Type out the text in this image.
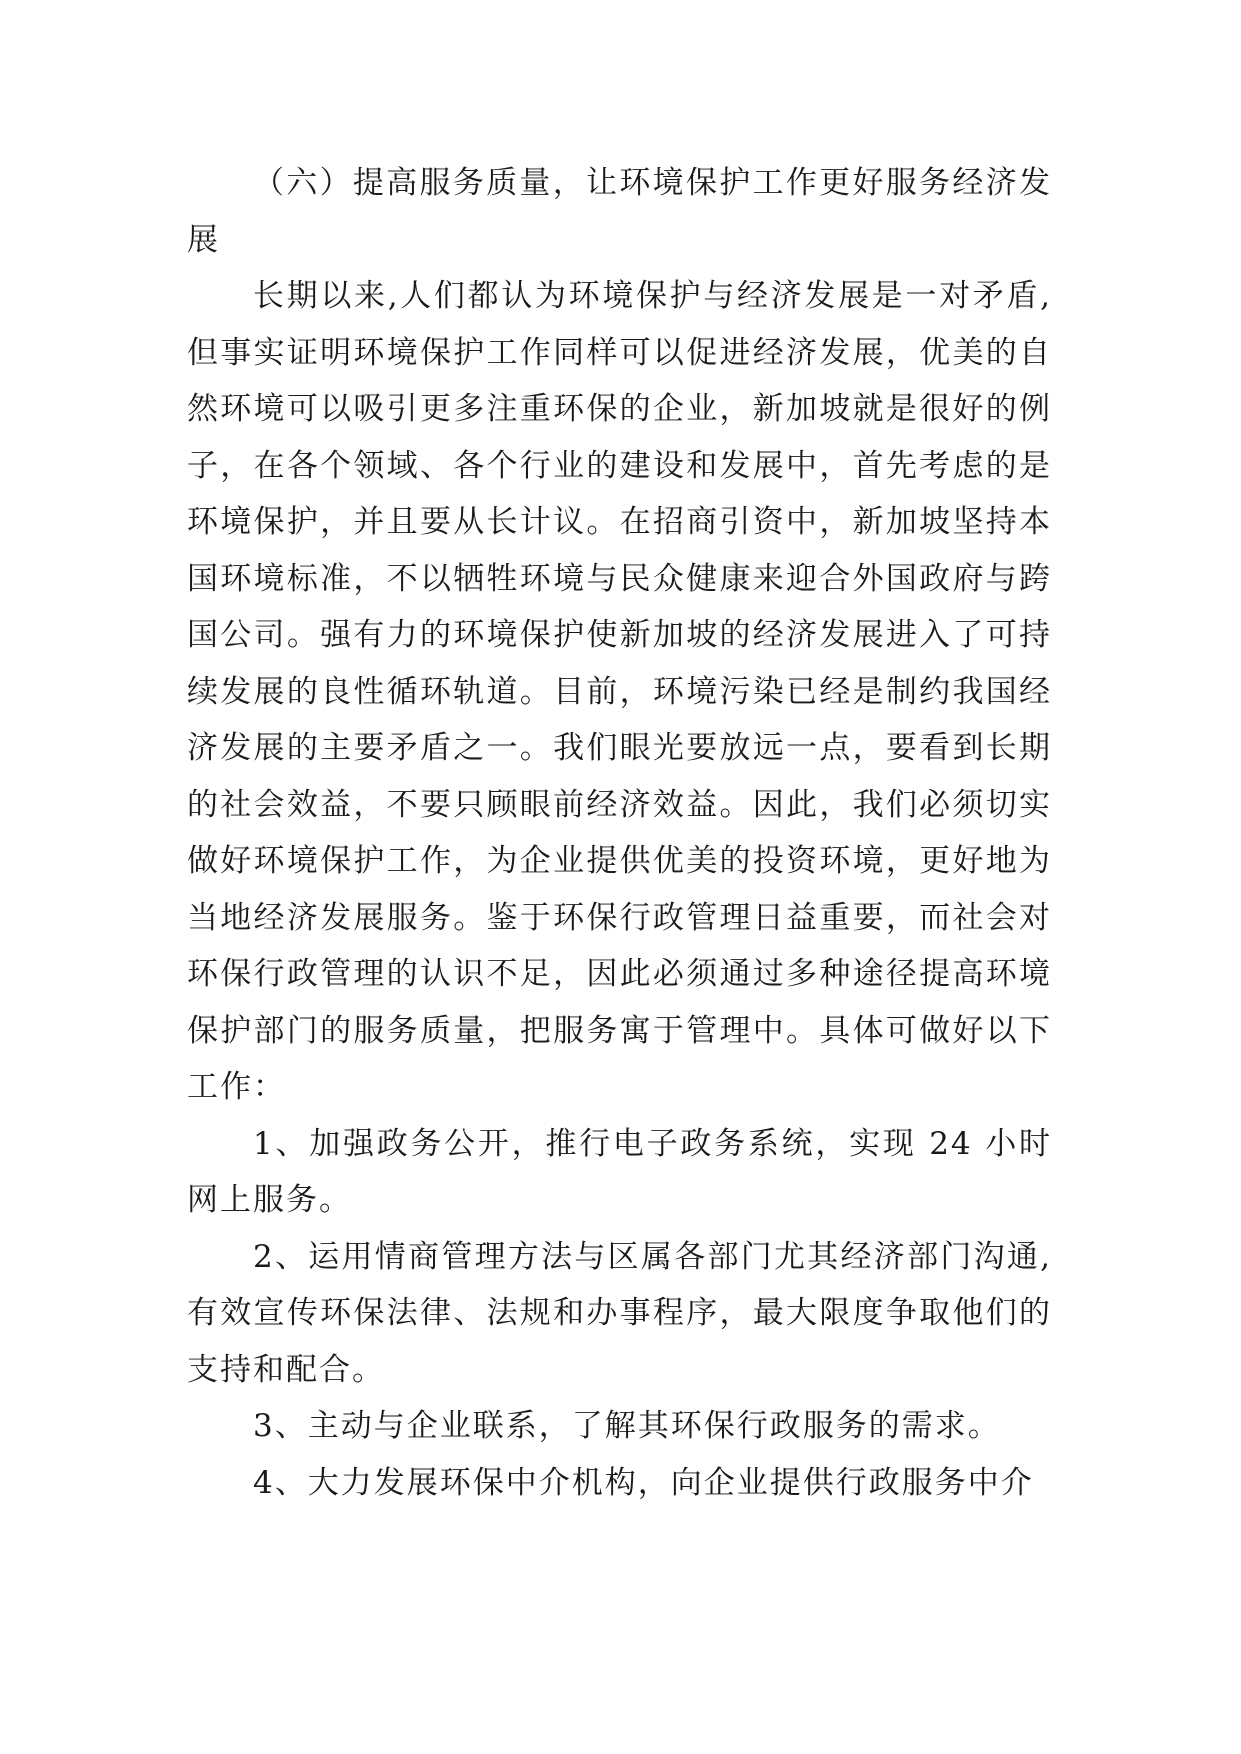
（六）提高服务质量，让环境保护工作更好服务经济发展

长期以来,人们都认为环境保护与经济发展是一对矛盾,但事实证明环境保护工作同样可以促进经济发展，优美的自然环境可以吸引更多注重环保的企业，新加坡就是很好的例子，在各个领域、各个行业的建设和发展中，首先考虑的是环境保护，并且要从长计议。在招商引资中，新加坡坚持本国环境标准，不以牺牲环境与民众健康来迎合外国政府与跨国公司。强有力的环境保护使新加坡的经济发展进入了可持续发展的良性循环轨道。目前，环境污染已经是制约我国经济发展的主要矛盾之一。我们眼光要放远一点，要看到长期的社会效益，不要只顾眼前经济效益。因此，我们必须切实做好环境保护工作，为企业提供优美的投资环境，更好地为当地经济发展服务。鉴于环保行政管理日益重要，而社会对环保行政管理的认识不足，因此必须通过多种途径提高环境保护部门的服务质量，把服务寓于管理中。具体可做好以下工作：

1、加强政务公开，推行电子政务系统，实现 24 小时网上服务。

2、运用情商管理方法与区属各部门尤其经济部门沟通,有效宣传环保法律、法规和办事程序，最大限度争取他们的支持和配合。

3、主动与企业联系，了解其环保行政服务的需求。

4、大力发展环保中介机构，向企业提供行政服务中介
